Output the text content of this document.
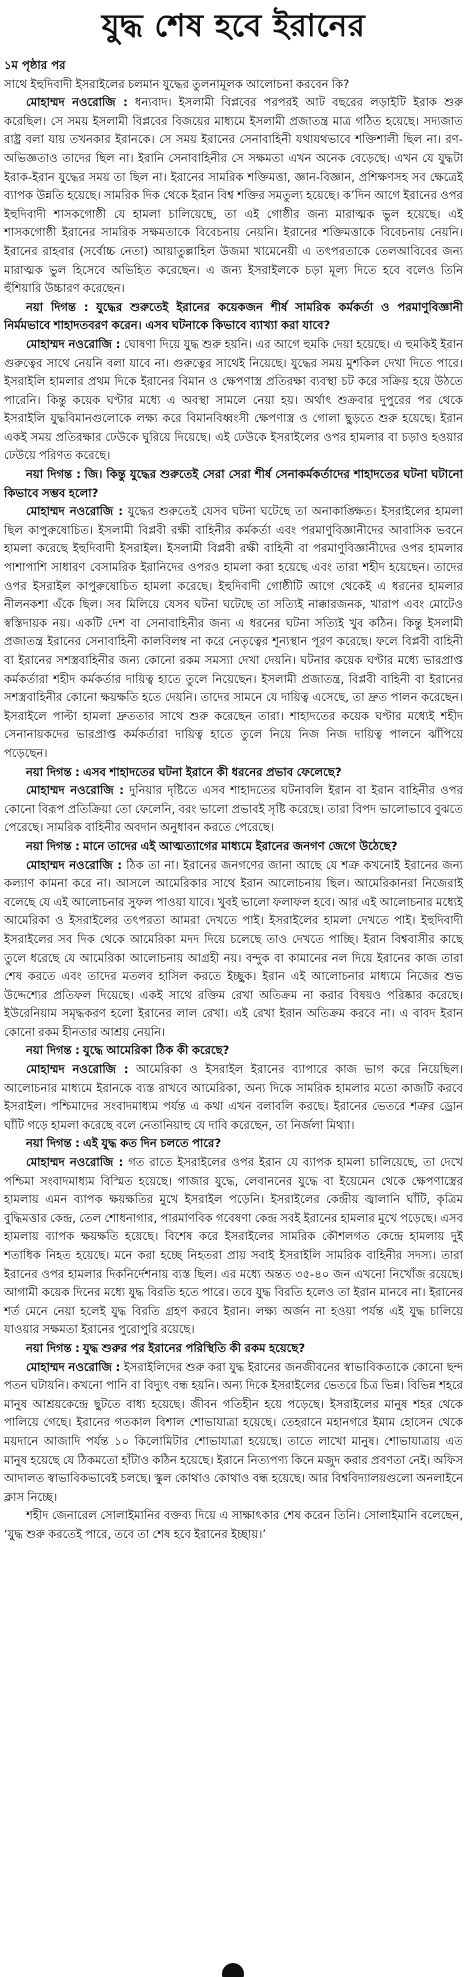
যুদ্ধ শেষ হবে ইরানের
১ম পৃষ্ঠার পর

সাথে ইহুদিবাদী ইসরাইলের চলমান যুদ্ধের তুলনামূলক আলোচনা করবেন কি?

মোহাম্মদ নওরোজি : ধন্যবাদ। ইসলামী বিপ্লবের পরপরই আট বছরের লড়াইটি ইরাক শুরু করেছিল। সে সময় ইসলামী বিপ্লবের বিজয়ের মাধ্যমে ইসলামী প্রজাতন্ত্র মাত্র গঠিত হয়েছে। সদ্যজাত রাষ্ট্র বলা যায় তখনকার ইরানকে। সে সময় ইরানের সেনাবাহিনী যথাযথভাবে শক্তিশালী ছিল না। রণ-অভিজ্ঞতাও তাদের ছিল না। ইরানি সেনাবাহিনীর সে সক্ষমতা এখন অনেক বেড়েছে। এখন যে যুদ্ধটা ইরাক-ইরান যুদ্ধের সময় তা ছিল না। ইরানের সামরিক শক্তিমত্তা, জ্ঞান-বিজ্ঞান, প্রশিক্ষণসহ সব ক্ষেত্রেই ব্যাপক উন্নতি হয়েছে। সামরিক দিক থেকে ইরান বিশ্ব শক্তির সমতুল্য হয়েছে। ক’দিন আগে ইরানের ওপর ইহুদিবাদী শাসকগোষ্ঠী যে হামলা চালিয়েছে, তা এই গোষ্ঠীর জন্য মারাত্মক ভুল হয়েছে। এই শাসকগোষ্ঠী ইরানের সামরিক সক্ষমতাকে বিবেচনায় নেয়নি। ইরানের শক্তিমত্তাকে বিবেচনায় নেয়নি। ইরানের রাহবার (সর্বোচ্চ নেতা) আয়াতুল্লাহিল উজমা খামেনেয়ী এ তৎপরতাকে তেলআবিবের জন্য মারাত্মক ভুল হিসেবে অভিহিত করেছেন। এ জন্য ইসরাইলকে চড়া মূল্য দিতে হবে বলেও তিনি হুঁশিয়ারি উচ্চারণ করেছেন।

নয়া দিগন্ত : যুদ্ধের শুরুতেই ইরানের কয়েকজন শীর্ষ সামরিক কর্মকর্তা ও পরমাণুবিজ্ঞানী নির্মমভাবে শাহাদতবরণ করেন। এসব ঘটনাকে কিভাবে ব্যাখ্যা করা যাবে?

মোহাম্মদ নওরোজি : ঘোষণা দিয়ে যুদ্ধ শুরু হয়নি। এর আগে হুমকি দেয়া হয়েছে। এ হুমকিই ইরান গুরুত্বের সাথে নেয়নি বলা যাবে না। গুরুত্বের সাথেই নিয়েছে। যুদ্ধের সময় মুশকিল দেখা দিতে পারে। ইসরাইলি হামলার প্রথম দিকে ইরানের বিমান ও ক্ষেপণাস্ত্র প্রতিরক্ষা ব্যবস্থা চট করে সক্রিয় হয়ে উঠতে পারেনি। কিন্তু কয়েক ঘণ্টার মধ্যে এ অবস্থা সামলে নেয়া হয়। অর্থাৎ শুক্রবার দুপুরের পর থেকে ইসরাইলি যুদ্ধবিমানগুলোকে লক্ষ্য করে বিমানবিধ্বংসী ক্ষেপণাস্ত্র ও গোলা ছুড়তে শুরু হয়েছে। ইরান একই সময় প্রতিরক্ষার ঢেউকে ঘুরিয়ে দিয়েছে। এই ঢেউকে ইসরাইলের ওপর হামলার বা চড়াও হওয়ার ঢেউয়ে পরিণত করেছে।

নয়া দিগন্ত : জি। কিন্তু যুদ্ধের শুরুতেই সেরা সেরা শীর্ষ সেনাকর্মকর্তাদের শাহাদতের ঘটনা ঘটানো কিভাবে সম্ভব হলো?

মোহাম্মদ নওরোজি : যুদ্ধের শুরুতেই যেসব ঘটনা ঘটেছে তা অনাকাঙ্ক্ষিত। ইসরাইলের হামলা ছিল কাপুরুষোচিত। ইসলামী বিপ্লবী রক্ষী বাহিনীর কর্মকর্তা এবং পরমাণুবিজ্ঞানীদের আবাসিক ভবনে হামলা করেছে ইহুদিবাদী ইসরাইল। ইসলামী বিপ্লবী রক্ষী বাহিনী বা পরমাণুবিজ্ঞানীদের ওপর হামলার পাশাপাশি সাধারণ বেসামরিক ইরানিদের ওপরও হামলা করা হয়েছে এবং তারা শহীদ হয়েছেন। তাদের ওপর ইসরাইল কাপুরুষোচিত হামলা করেছে। ইহুদিবাদী গোষ্ঠীটি আগে থেকেই এ ধরনের হামলার নীলনকশা এঁকে ছিল। সব মিলিয়ে যেসব ঘটনা ঘটেছে তা সত্যিই নাক্কারজনক, খারাপ এবং মোটেও স্বস্তিদায়ক নয়। একটি দেশ বা সেনাবাহিনীর জন্য এ ধরনের ঘটনা সত্যিই খুব কঠিন। কিন্তু ইসলামী প্রজাতন্ত্র ইরানের সেনাবাহিনী কালবিলম্ব না করে নেতৃত্বের শূন্যস্থান পূরণ করেছে। ফলে বিপ্লবী বাহিনী বা ইরানের সশস্ত্রবাহিনীর জন্য কোনো রকম সমস্যা দেখা দেয়নি। ঘটনার কয়েক ঘণ্টার মধ্যে ভারপ্রাপ্ত কর্মকর্তারা শহীদ কর্মকর্তার দায়িত্ব হাতে তুলে নিয়েছেন। ইসলামী প্রজাতন্ত্র, বিপ্লবী বাহিনী বা ইরানের সশস্ত্রবাহিনীর কোনো ক্ষয়ক্ষতি হতে দেয়নি। তাদের সামনে যে দায়িত্ব এসেছে, তা দ্রুত পালন করেছেন। ইসরাইলে পাল্টা হামলা দ্রুততার সাথে শুরু করেছেন তারা। শাহাদতের কয়েক ঘণ্টার মধ্যেই শহীদ সেনানায়কদের ভারপ্রাপ্ত কর্মকর্তারা দায়িত্ব হাতে তুলে নিয়ে নিজ নিজ দায়িত্ব পালনে ঝাঁপিয়ে পড়েছেন।

নয়া দিগন্ত : এসব শাহাদতের ঘটনা ইরানে কী ধরনের প্রভাব ফেলেছে?

মোহাম্মদ নওরোজি : দুনিয়ার দৃষ্টিতে এসব শাহাদতের ঘটনাবলি ইরান বা ইরান বাহিনীর ওপর কোনো বিরূপ প্রতিক্রিয়া তো ফেলেনি, বরং ভালো প্রভাবই সৃষ্টি করেছে। তারা বিপদ ভালোভাবে বুঝতে পেরেছে। সামরিক বাহিনীর অবদান অনুধাবন করতে পেরেছে।

নয়া দিগন্ত : মানে তাদের এই আত্মত্যাগের মাধ্যমে ইরানের জনগণ জেগে উঠেছে?

মোহাম্মদ নওরোজি : ঠিক তা না। ইরানের জনগণের জানা আছে যে শত্রু কখনোই ইরানের জন্য কল্যাণ কামনা করে না। আসলে আমেরিকার সাথে ইরান আলোচনায় ছিল। আমেরিকানরা নিজেরাই বলেছে যে এই আলোচনার সুফল পাওয়া যাবে। খুবই ভালো ফলাফল হবে। আর এই আলোচনার মধ্যেই আমেরিকা ও ইসরাইলের তৎপরতা আমরা দেখতে পাই। ইসরাইলের হামলা দেখতে পাই। ইহুদিবাদী ইসরাইলের সব দিক থেকে আমেরিকা মদদ দিয়ে চলেছে তাও দেখতে পাচ্ছি। ইরান বিশ্ববাসীর কাছে তুলে ধরেছে যে আমেরিকা আলোচনায় আগ্রহী নয়। বন্দুক বা কামানের নল দিয়ে ইরানের কাজ তারা শেষ করতে এবং তাদের মতলব হাসিল করতে ইচ্ছুক। ইরান এই আলোচনার মাধ্যমে নিজের শুভ উদ্দেশ্যের প্রতিফল দিয়েছে। একই সাথে রক্তিম রেখা অতিক্রম না করার বিষয়ও পরিষ্কার করেছে। ইউরেনিয়াম সমৃদ্ধকরণ হলো ইরানের লাল রেখা। এই রেখা ইরান অতিক্রম করবে না। এ বাবদ ইরান কোনো রকম হীনতার আশ্রয় নেয়নি।

নয়া দিগন্ত : যুদ্ধে আমেরিকা ঠিক কী করেছে?

মোহাম্মদ নওরোজি : আমেরিকা ও ইসরাইল ইরানের ব্যাপারে কাজ ভাগ করে নিয়েছিল। আলোচনার মাধ্যমে ইরানকে ব্যস্ত রাখবে আমেরিকা, অন্য দিকে সামরিক হামলার মতো কাজটি করবে ইসরাইল। পশ্চিমাদের সংবাদমাধ্যম পর্যন্ত এ কথা এখন বলাবলি করছে। ইরানের ভেতরে শত্রুর ড্রোন ঘাঁটি গড়ে হামলা করেছে বলে নেতানিয়াহু যে দাবি করেছেন, তা নির্জলা মিথ্যা।

নয়া দিগন্ত : এই যুদ্ধ কত দিন চলতে পারে?

মোহাম্মদ নওরোজি : গত রাতে ইসরাইলের ওপর ইরান যে ব্যাপক হামলা চালিয়েছে, তা দেখে পশ্চিমা সংবাদমাধ্যম বিস্মিত হয়েছে। গাজার যুদ্ধে, লেবাননের যুদ্ধে বা ইয়েমেন থেকে ক্ষেপণাস্ত্রের হামলায় এমন ব্যাপক ক্ষয়ক্ষতির মুখে ইসরাইল পড়েনি। ইসরাইলের কেন্দ্রীয় জ্বালানি ঘাঁটি, কৃত্রিম বুদ্ধিমত্তার কেন্দ্র, তেল শোধনাগার, পারমাণবিক গবেষণা কেন্দ্র সবই ইরানের হামলার মুখে পড়েছে। এসব হামলায় ব্যাপক ক্ষয়ক্ষতি হয়েছে। বিশেষ করে ইসরাইলের সামরিক কৌশলগত কেন্দ্রে হামলায় দুই শতাধিক নিহত হয়েছে। মনে করা হচ্ছে নিহতরা প্রায় সবাই ইসরাইলি সামরিক বাহিনীর সদস্য। তারা ইরানের ওপর হামলার দিকনির্দেশনায় ব্যস্ত ছিল। এর মধ্যে অন্তত ৩৫-৪০ জন এখনো নিখোঁজ রয়েছে। আগামী কয়েক দিনের মধ্যে যুদ্ধ বিরতি হতে পারে। তবে যুদ্ধ বিরতি হলেও তা ইরান মানবে না। ইরানের শর্ত মেনে নেয়া হলেই যুদ্ধ বিরতি গ্রহণ করবে ইরান। লক্ষ্য অর্জন না হওয়া পর্যন্ত এই যুদ্ধ চালিয়ে যাওয়ার সক্ষমতা ইরানের পুরোপুরি রয়েছে।

নয়া দিগন্ত : যুদ্ধ শুরুর পর ইরানের পরিস্থিতি কী রকম হয়েছে?

মোহাম্মদ নওরোজি : ইসরাইলিদের শুরু করা যুদ্ধ ইরানের জনজীবনের স্বাভাবিকতাকে কোনো ছন্দ পতন ঘটায়নি। কখনো পানি বা বিদ্যুৎ বন্ধ হয়নি। অন্য দিকে ইসরাইলের ভেতরে চিত্র ভিন্ন। বিভিন্ন শহরে মানুষ আশ্রয়কেন্দ্রে ছুটতে বাধ্য হয়েছে। জীবন গতিহীন হয়ে পড়েছে। ইসরাইলের মানুষ শহর থেকে পালিয়ে গেছে। ইরানের গতকাল বিশাল শোভাযাত্রা হয়েছে। তেহরানে মহানগরে ইমাম হোসেন থেকে ময়দানে আজাদি পর্যন্ত ১০ কিলোমিটার শোভাযাত্রা হয়েছে। তাতে লাখো মানুষ। শোভাযাত্রায় এত মানুষ হয়েছে যে ঠিকমতো হাঁটাও কঠিন হয়েছে। ইরানে নিত্যপণ্য কিনে মজুদ করার প্রবণতা নেই। অফিস আদালত স্বাভাবিকভাবেই চলছে। স্কুল কোথাও কোথাও বন্ধ হয়েছে। আর বিশ্ববিদ্যালয়গুলো অনলাইনে ক্লাস নিচ্ছে।

শহীদ জেনারেল সোলাইমানির বক্তব্য দিয়ে এ সাক্ষাৎকার শেষ করেন তিনি। সোলাইমানি বলেছেন, ‘যুদ্ধ শুরু করতেই পারে, তবে তা শেষ হবে ইরানের ইচ্ছায়।’
